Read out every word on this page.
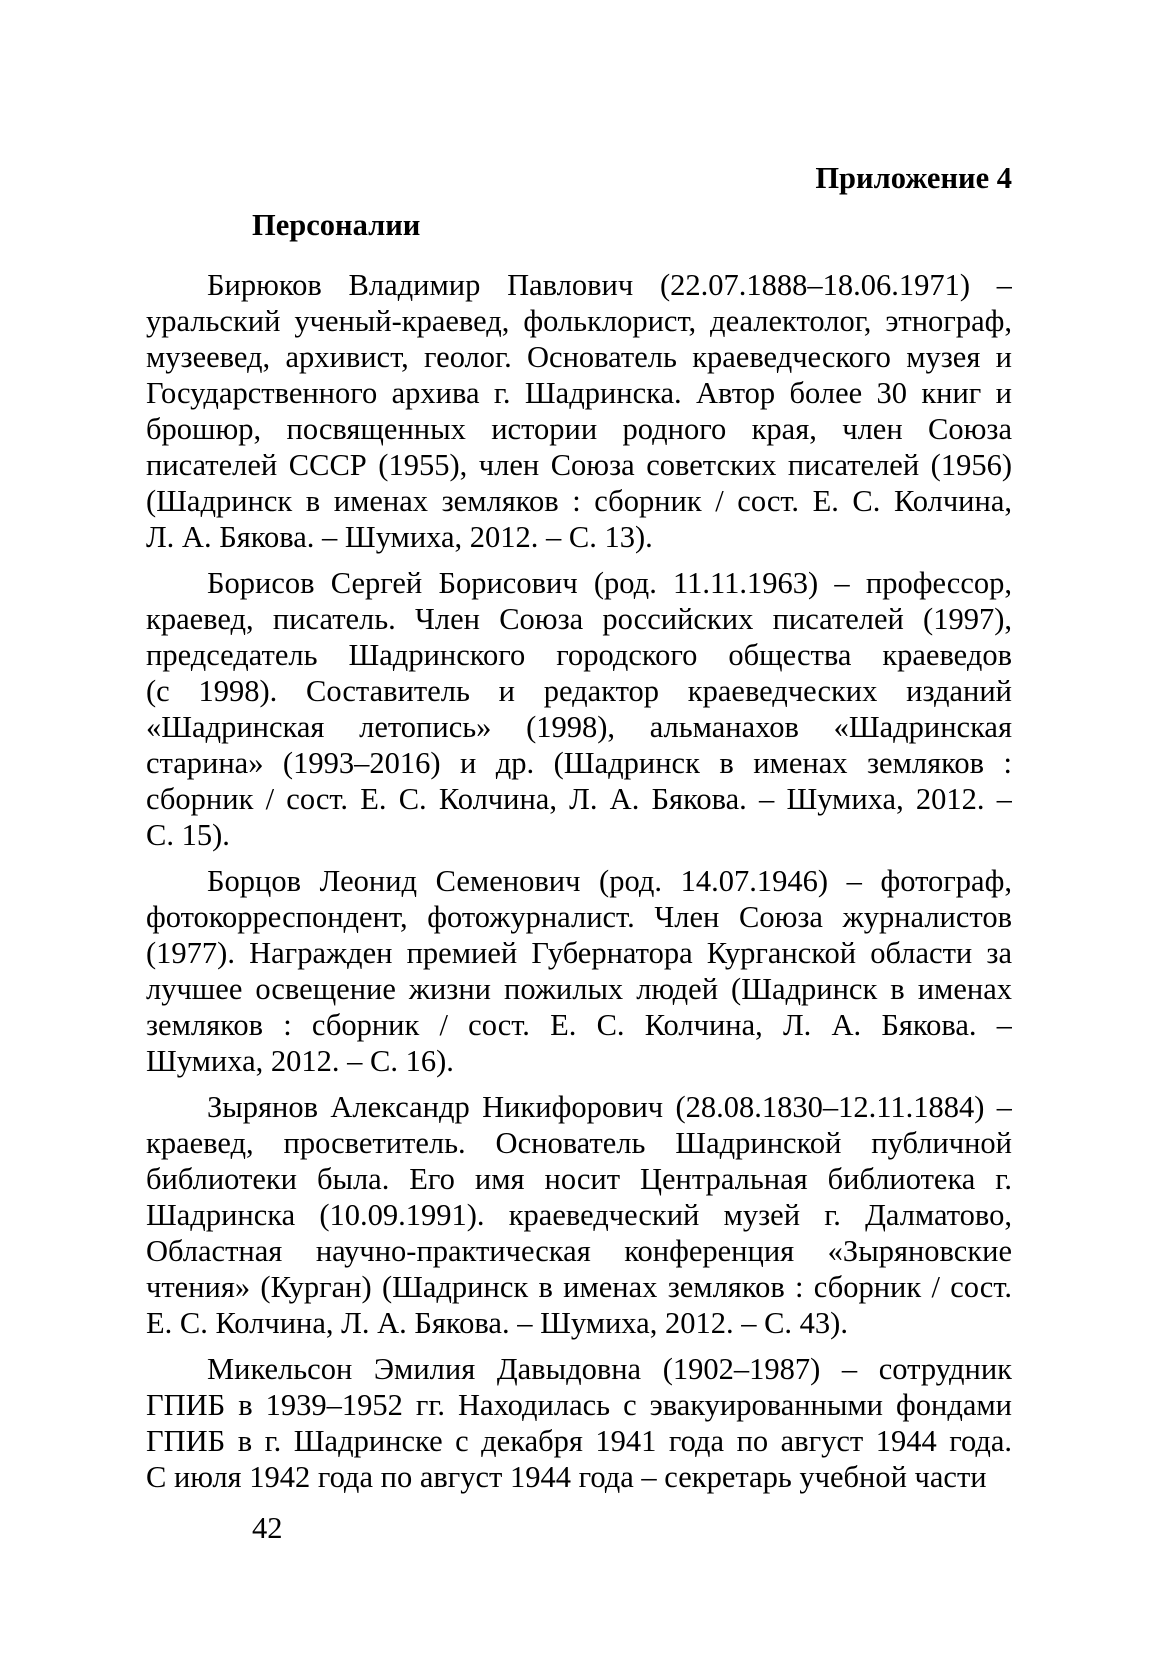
Приложение 4
Персоналии
Бирюков Владимир Павлович (22.07.1888–18.06.1971) –
уральский ученый-краевед, фольклорист, деалектолог, этнограф,
музеевед, архивист, геолог. Основатель краеведческого музея и
Государственного архива г. Шадринска. Автор более 30 книг и
брошюр, посвященных истории родного края, член Союза
писателей СССР (1955), член Союза советских писателей (1956)
(Шадринск в именах земляков : сборник / сост. Е. С. Колчина,
Л. А. Бякова. – Шумиха, 2012. – С. 13).
Борисов Сергей Борисович (род. 11.11.1963) – профессор,
краевед, писатель. Член Союза российских писателей (1997),
председатель Шадринского городского общества краеведов
(с 1998). Составитель и редактор краеведческих изданий
«Шадринская летопись» (1998), альманахов «Шадринская
старина» (1993–2016) и др. (Шадринск в именах земляков :
сборник / сост. Е. С. Колчина, Л. А. Бякова. – Шумиха, 2012. –
С. 15).
Борцов Леонид Семенович (род. 14.07.1946) – фотограф,
фотокорреспондент, фотожурналист. Член Союза журналистов
(1977). Награжден премией Губернатора Курганской области за
лучшее освещение жизни пожилых людей (Шадринск в именах
земляков : сборник / сост. Е. С. Колчина, Л. А. Бякова. –
Шумиха, 2012. – С. 16).
Зырянов Александр Никифорович (28.08.1830–12.11.1884) –
краевед, просветитель. Основатель Шадринской публичной
библиотеки была. Его имя носит Центральная библиотека г.
Шадринска (10.09.1991). краеведческий музей г. Далматово,
Областная научно-практическая конференция «Зыряновские
чтения» (Курган) (Шадринск в именах земляков : сборник / сост.
Е. С. Колчина, Л. А. Бякова. – Шумиха, 2012. – С. 43).
Микельсон Эмилия Давыдовна (1902–1987) – сотрудник
ГПИБ в 1939–1952 гг. Находилась с эвакуированными фондами
ГПИБ в г. Шадринске с декабря 1941 года по август 1944 года.
С июля 1942 года по август 1944 года – секретарь учебной части
42
